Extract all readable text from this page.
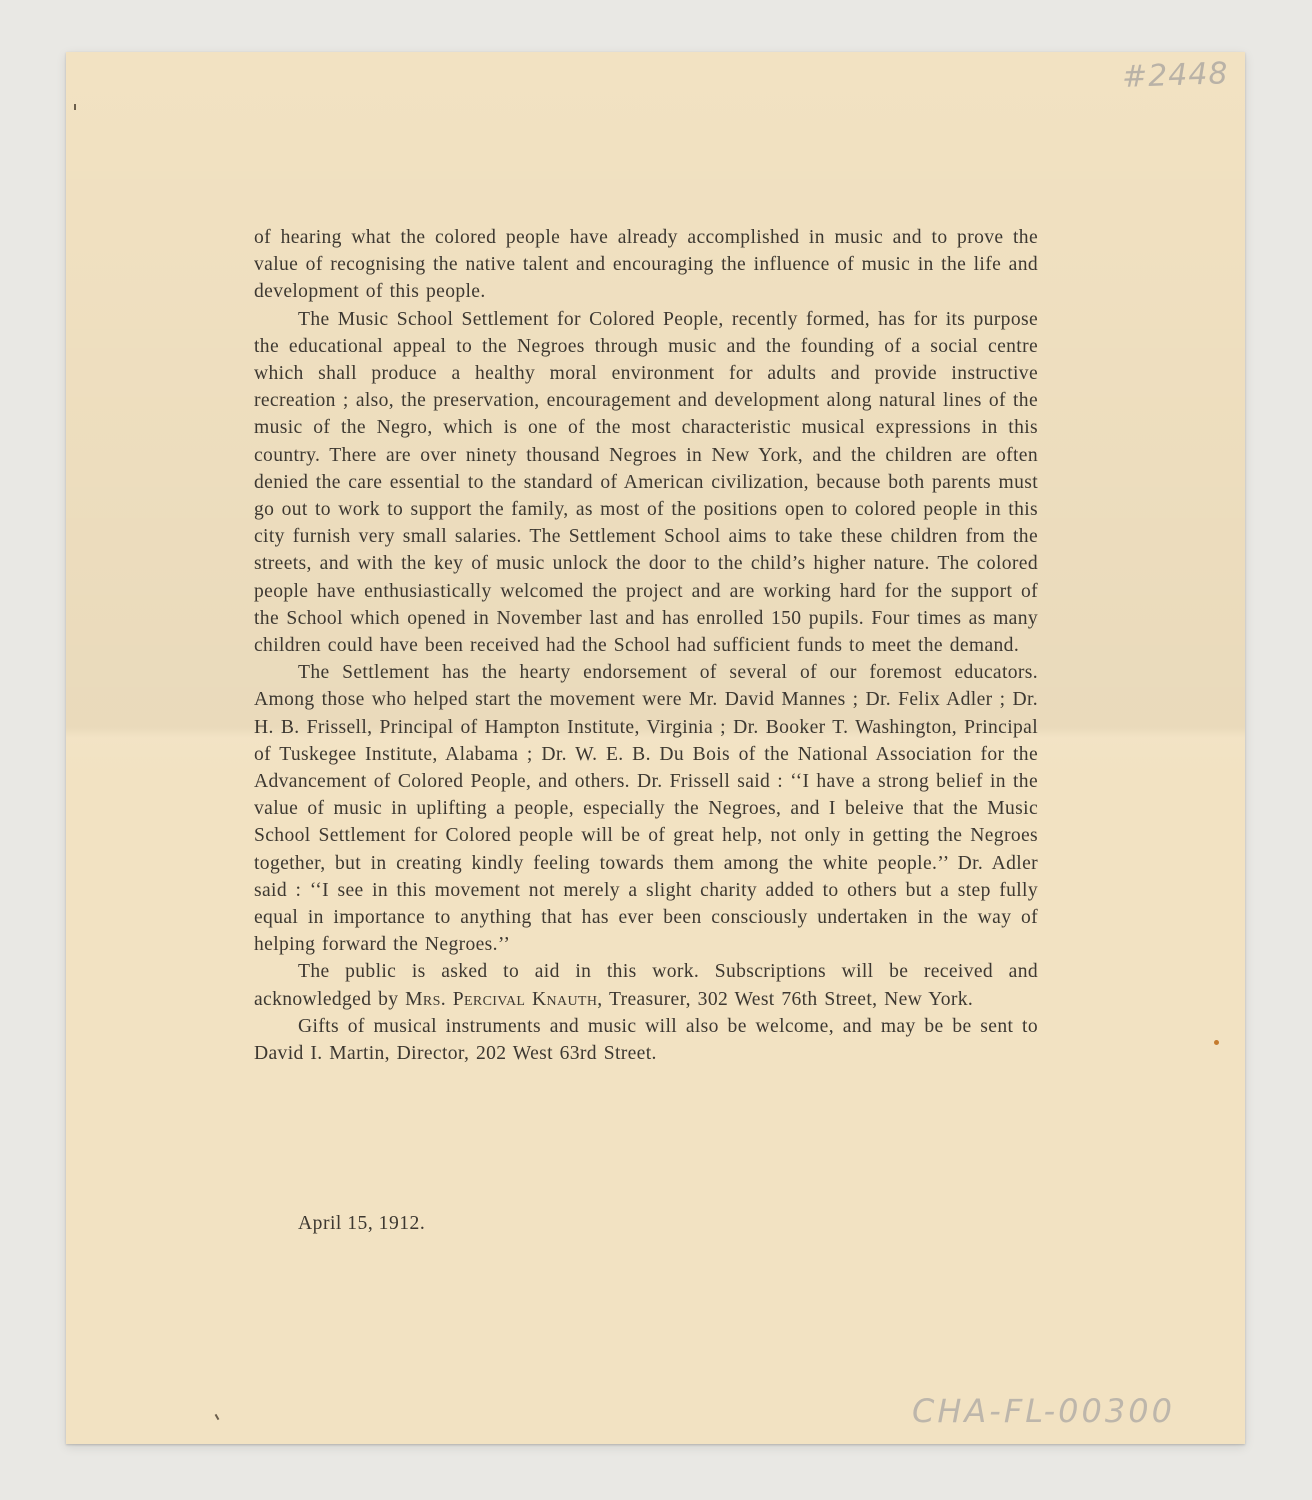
#2448

of hearing what the colored people have already accomplished in music and to prove the value of recognising the native talent and encouraging the influence of music in the life and development of this people.

The Music School Settlement for Colored People, recently formed, has for its purpose the educational appeal to the Negroes through music and the founding of a social centre which shall produce a healthy moral environment for adults and provide instructive recreation ; also, the preservation, encouragement and development along natural lines of the music of the Negro, which is one of the most characteristic musical expressions in this country. There are over ninety thousand Negroes in New York, and the children are often denied the care essential to the standard of American civilization, because both parents must go out to work to support the family, as most of the positions open to colored people in this city furnish very small salaries. The Settlement School aims to take these children from the streets, and with the key of music unlock the door to the child’s higher nature. The colored people have enthusiastically welcomed the project and are working hard for the support of the School which opened in November last and has enrolled 150 pupils. Four times as many children could have been received had the School had sufficient funds to meet the demand.

The Settlement has the hearty endorsement of several of our foremost educators. Among those who helped start the movement were Mr. David Mannes ; Dr. Felix Adler ; Dr. H. B. Frissell, Principal of Hampton Institute, Virginia ; Dr. Booker T. Washington, Principal of Tuskegee Institute, Alabama ; Dr. W. E. B. Du Bois of the National Association for the Advancement of Colored People, and others. Dr. Frissell said : ‘‘I have a strong belief in the value of music in uplifting a people, especially the Negroes, and I beleive that the Music School Settlement for Colored people will be of great help, not only in getting the Negroes together, but in creating kindly feeling towards them among the white people.’’ Dr. Adler said : ‘‘I see in this movement not merely a slight charity added to others but a step fully equal in importance to anything that has ever been consciously undertaken in the way of helping forward the Negroes.’’

The public is asked to aid in this work. Subscriptions will be received and acknowledged by Mrs. Percival Knauth, Treasurer, 302 West 76th Street, New York.

Gifts of musical instruments and music will also be welcome, and may be be sent to David I. Martin, Director, 202 West 63rd Street.

April 15, 1912.
CHA-FL-00300
